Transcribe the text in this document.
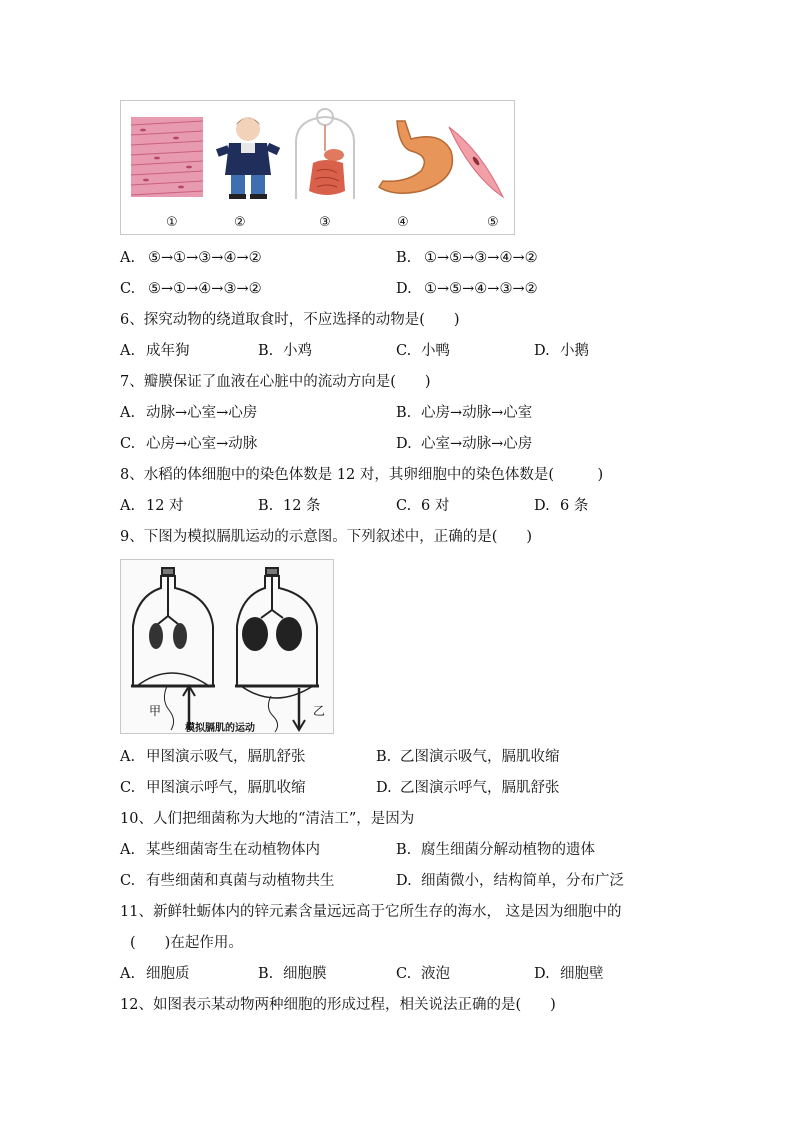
①	②	③	④	⑤
A. ⑤→①→③→④→②	B. ①→⑤→③→④→②
C. ⑤→①→④→③→②	D. ①→⑤→④→③→②
6、探究动物的绕道取食时，不应选择的动物是(　　)
A. 成年狗	B. 小鸡	C. 小鸭	D. 小鹅
7、瓣膜保证了血液在心脏中的流动方向是(　　)
A. 动脉→心室→心房	B. 心房→动脉→心室
C. 心房→心室→动脉	D. 心室→动脉→心房
8、水稻的体细胞中的染色体数是 12 对，其卵细胞中的染色体数是(　　　)
A. 12 对	B. 12 条	C. 6 对	D. 6 条
9、下图为模拟膈肌运动的示意图。下列叙述中，正确的是(　　)
甲	乙
模拟膈肌的运动
A. 甲图演示吸气，膈肌舒张	B. 乙图演示吸气，膈肌收缩
C. 甲图演示呼气，膈肌收缩	D. 乙图演示呼气，膈肌舒张
10、人们把细菌称为大地的“清洁工”，是因为
A. 某些细菌寄生在动植物体内	B. 腐生细菌分解动植物的遗体
C. 有些细菌和真菌与动植物共生	D. 细菌微小，结构简单，分布广泛
11、新鲜牡蛎体内的锌元素含量远远高于它所生存的海水， 这是因为细胞中的
(　　)在起作用。
A. 细胞质	B. 细胞膜	C. 液泡	D. 细胞壁
12、如图表示某动物两种细胞的形成过程，相关说法正确的是(　　)
